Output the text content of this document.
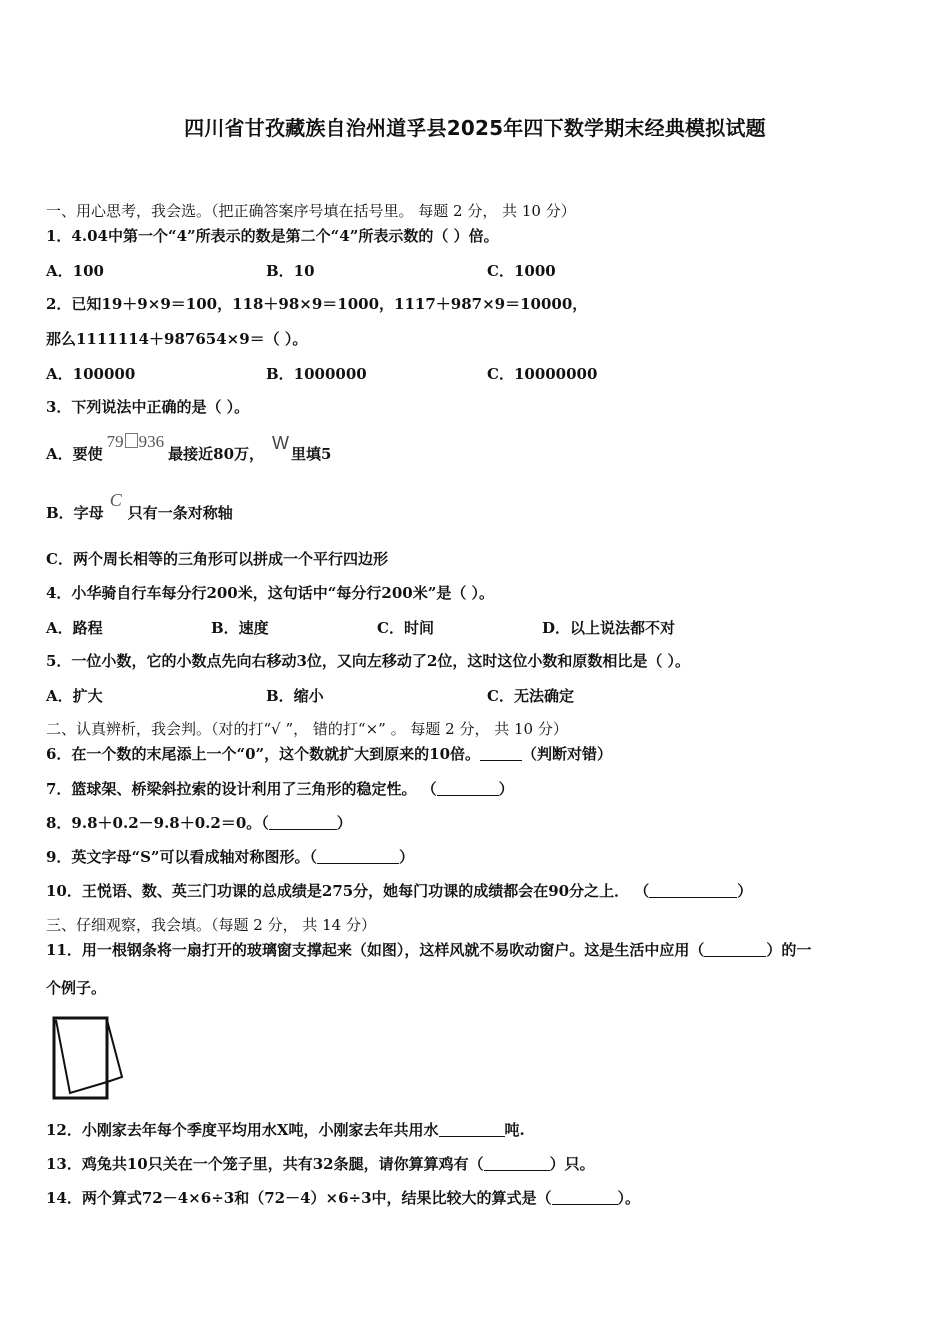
四川省甘孜藏族自治州道孚县2025年四下数学期末经典模拟试题
一、用心思考，我会选。（把正确答案序号填在括号里。 每题 2 分， 共 10 分）
1．4.04中第一个“4”所表示的数是第二个“4”所表示数的（ ）倍。
A．100	B．10	C．1000
2．已知19＋9×9＝100，118＋98×9＝1000，1117＋987×9＝10000，
那么1111114＋987654×9＝（ ）。
A．100000	B．1000000	C．10000000
3．下列说法中正确的是（ ）。
A．要使79 936最接近80万，W里填5
B．字母C只有一条对称轴
C．两个周长相等的三角形可以拼成一个平行四边形
4．小华骑自行车每分行200米，这句话中“每分行200米”是（ ）。
A．路程	B．速度	C．时间	D．以上说法都不对
5．一位小数，它的小数点先向右移动3位，又向左移动了2位，这时这位小数和原数相比是（ ）。
A．扩大	B．缩小	C．无法确定
二、认真辨析，我会判。（对的打“√ ”， 错的打“×” 。 每题 2 分， 共 10 分）
6．在一个数的末尾添上一个“0”，这个数就扩大到原来的10倍。	（判断对错）
7．篮球架、桥梁斜拉索的设计利用了三角形的稳定性。 （	）
8．9.8＋0.2－9.8＋0.2＝0。（	）
9．英文字母“S”可以看成轴对称图形。（	）
10．王悦语、数、英三门功课的总成绩是275分，她每门功课的成绩都会在90分之上． （	）
三、仔细观察，我会填。（每题 2 分， 共 14 分）
11．用一根钢条将一扇打开的玻璃窗支撑起来（如图），这样风就不易吹动窗户。这是生活中应用（	）的一
个例子。
12．小刚家去年每个季度平均用水X吨，小刚家去年共用水	吨.
13．鸡兔共10只关在一个笼子里，共有32条腿，请你算算鸡有（	）只。
14．两个算式72－4×6÷3和（72－4）×6÷3中，结果比较大的算式是（	）。
